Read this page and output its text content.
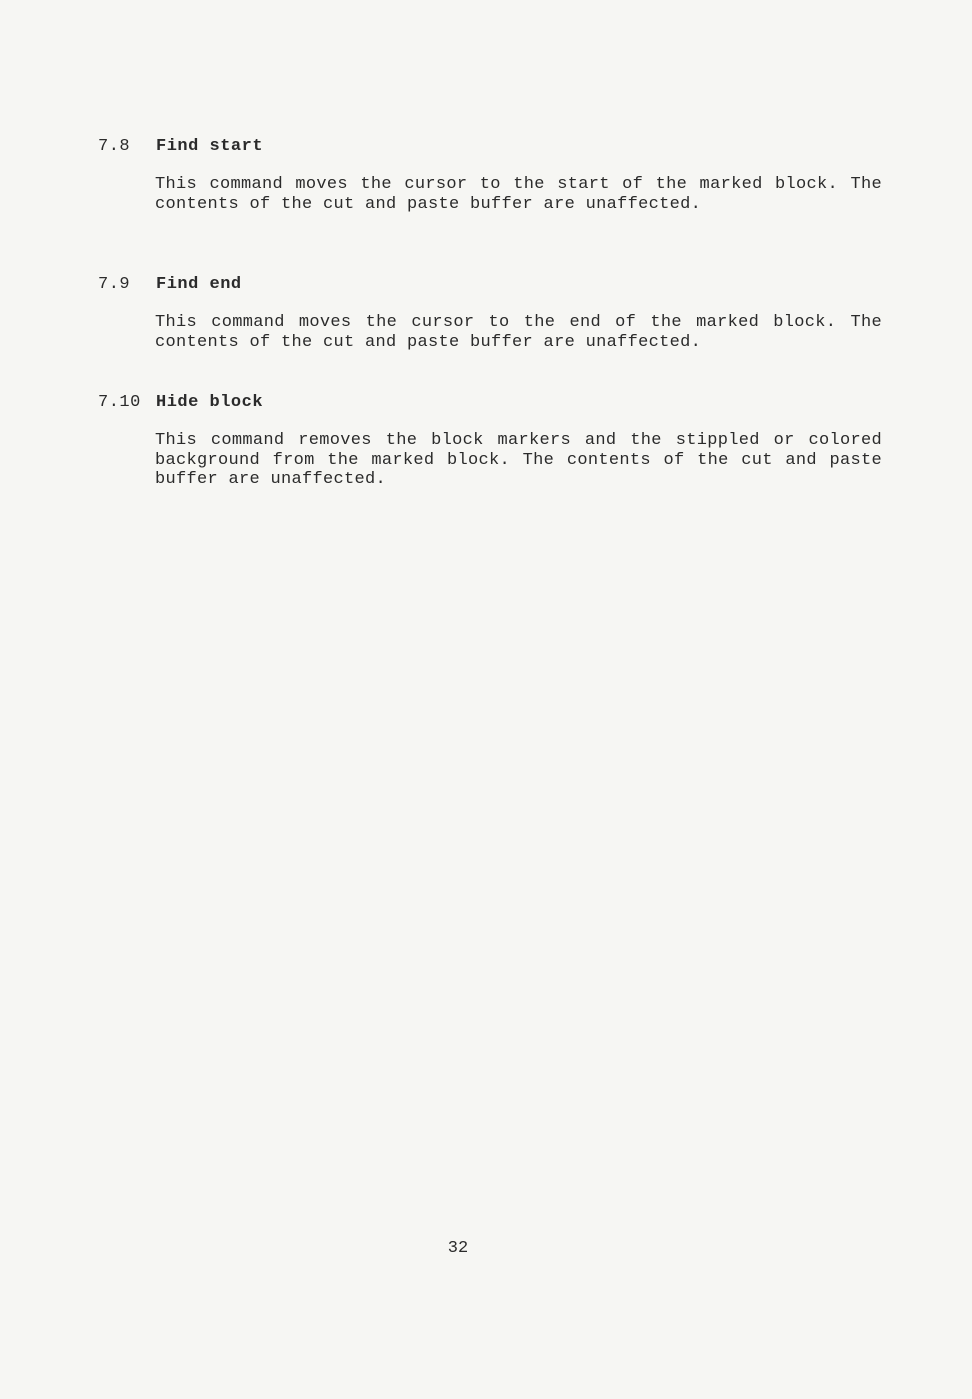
7.8 Find start
This command moves the cursor to the start of the marked block. The contents of the cut and paste buffer are unaffected.
7.9 Find end
This command moves the cursor to the end of the marked block. The contents of the cut and paste buffer are unaffected.
7.10 Hide block
This command removes the block markers and the stippled or colored background from the marked block. The contents of the cut and paste buffer are unaffected.
32
